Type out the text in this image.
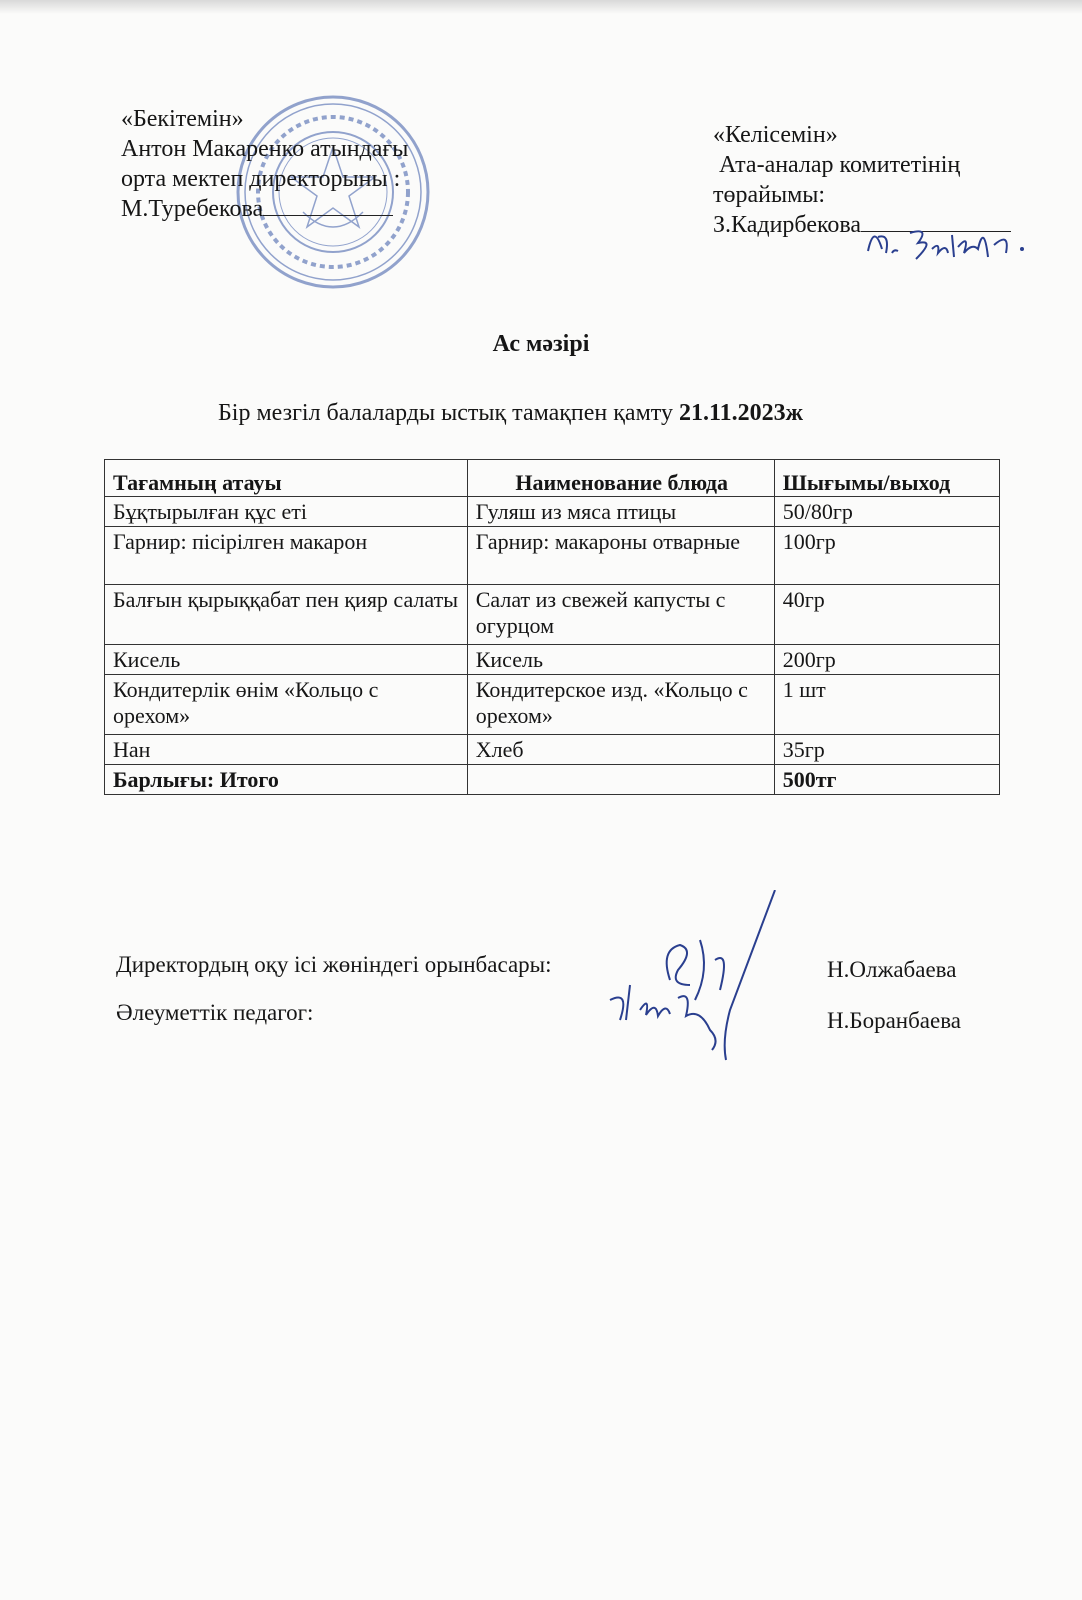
«Бекітемін»
Антон Макаренко атындағы
орта мектеп директорыны :
М.Туребекова
«Келісемін»
Ата-аналар комитетінің
төрайымы:
З.Кадирбекова
Ас мәзірі
Бір мезгіл балаларды ыстық тамақпен қамту 21.11.2023ж
Тағамның атауы	Наименование блюда	Шығымы/выход
Бұқтырылған құс еті	Гуляш из мяса птицы	50/80гр
Гарнир: пісірілген макарон	Гарнир: макароны отварные	100гр
Балғын қырыққабат пен қияр салаты	Салат из свежей капусты с огурцом	40гр
Кисель	Кисель	200гр
Кондитерлік өнім «Кольцо с орехом»	Кондитерское изд. «Кольцо с орехом»	1 шт
Нан	Хлеб	35гр
Барлығы: Итого		500тг
Директордың оқу ісі жөніндегі орынбасары:	Н.Олжабаева
Әлеуметтік педагог:	Н.Боранбаева
